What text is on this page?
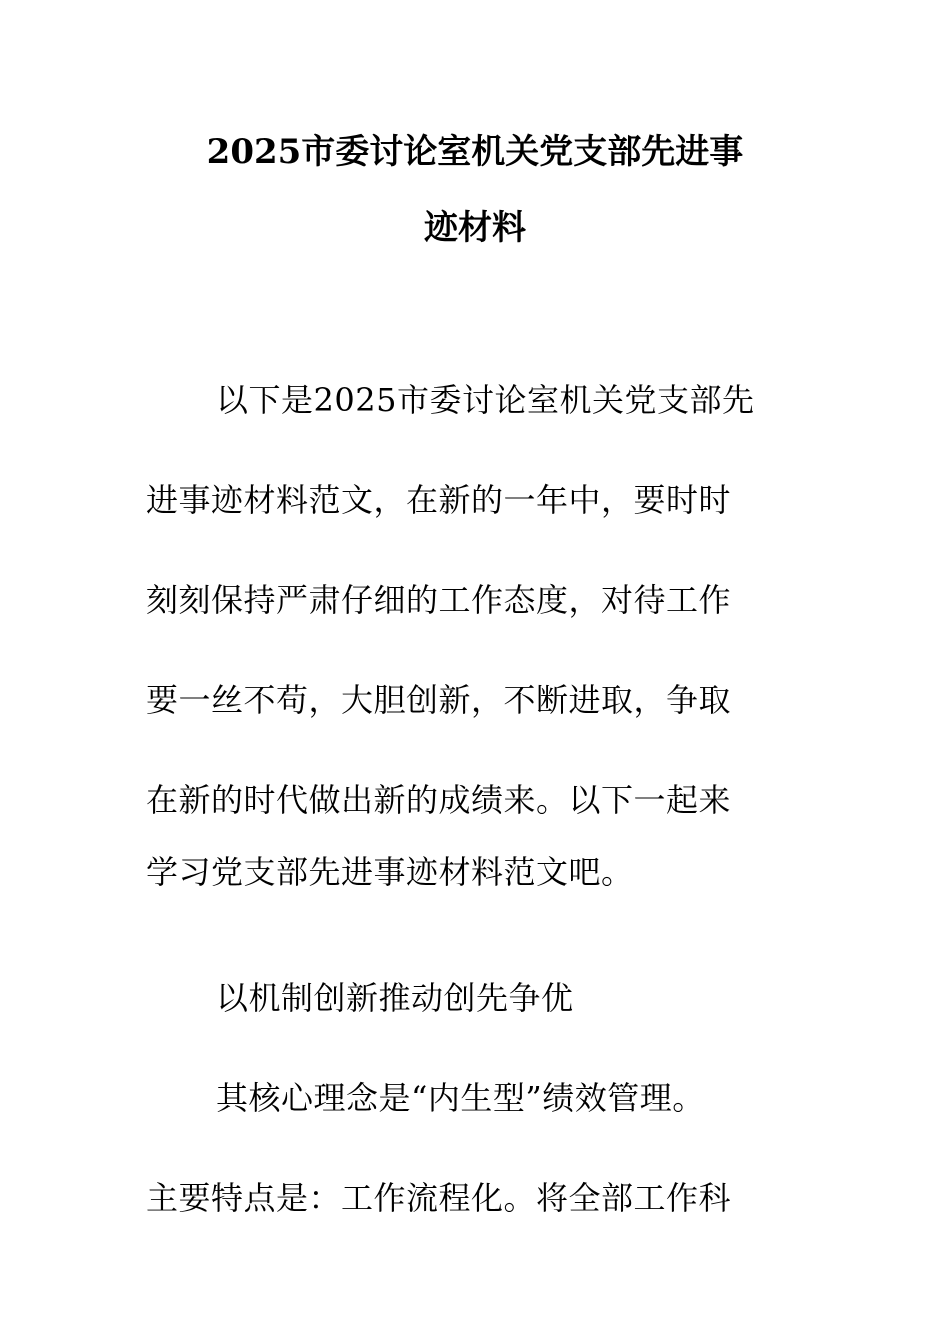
2025市委讨论室机关党支部先进事
迹材料
以下是2025市委讨论室机关党支部先
进事迹材料范文，在新的一年中，要时时
刻刻保持严肃仔细的工作态度，对待工作
要一丝不苟，大胆创新，不断进取，争取
在新的时代做出新的成绩来。以下一起来
学习党支部先进事迹材料范文吧。
以机制创新推动创先争优
其核心理念是“内生型”绩效管理。
主要特点是：工作流程化。将全部工作科
